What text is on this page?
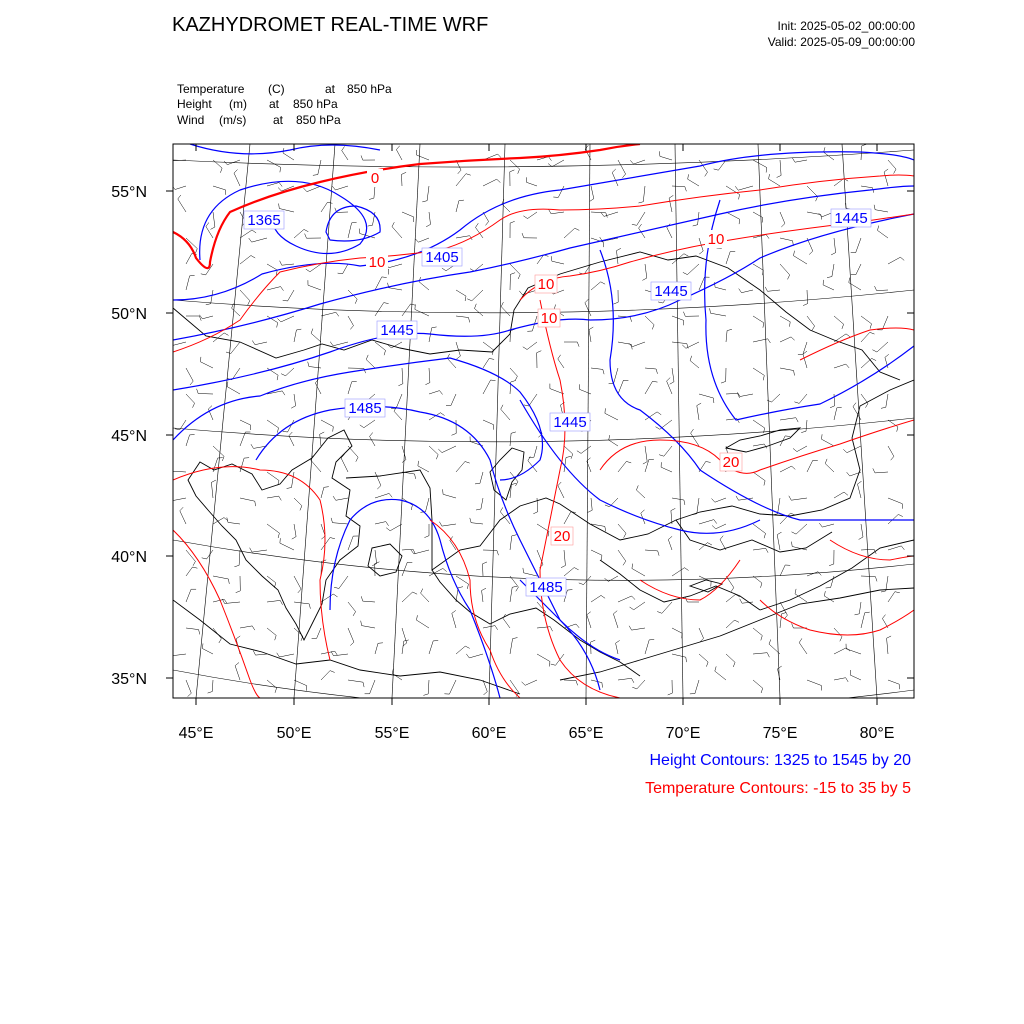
KAZHYDROMET REAL-TIME WRF	Init: 2025-05-02_00:00:00
Valid: 2025-05-09_00:00:00
Temperature (C)	at 850 hPa
Height (m) at 850 hPa
Wind (m/s) at 850 hPa
1365
1405
1445
1445
1485
1445
1445
1485
0
10
10
10
10
20
20
55°N
50°N
45°N
40°N
35°N
45°E	50°E	55°E	60°E	65°E	70°E	75°E	80°E
Height Contours: 1325 to 1545 by 20
Temperature Contours: -15 to 35 by 5
